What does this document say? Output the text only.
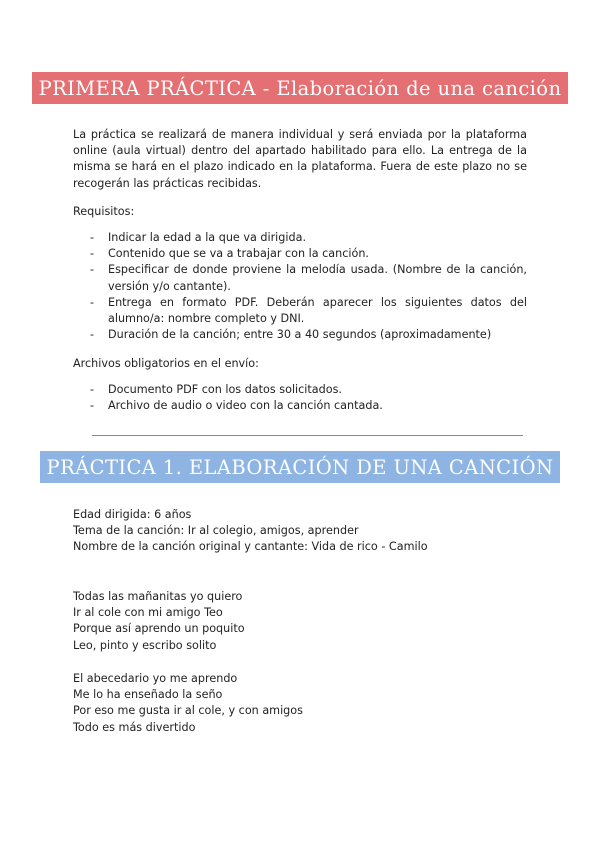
PRIMERA PRÁCTICA - Elaboración de una canción

La práctica se realizará de manera individual y será enviada por la plataforma online (aula virtual) dentro del apartado habilitado para ello. La entrega de la misma se hará en el plazo indicado en la plataforma. Fuera de este plazo no se recogerán las prácticas recibidas.

Requisitos:

- Indicar la edad a la que va dirigida.
- Contenido que se va a trabajar con la canción.
- Especificar de donde proviene la melodía usada. (Nombre de la canción, versión y/o cantante).
- Entrega en formato PDF. Deberán aparecer los siguientes datos del alumno/a: nombre completo y DNI.
- Duración de la canción; entre 30 a 40 segundos (aproximadamente)

Archivos obligatorios en el envío:

- Documento PDF con los datos solicitados.
- Archivo de audio o video con la canción cantada.
PRÁCTICA 1. ELABORACIÓN DE UNA CANCIÓN
Edad dirigida: 6 años
Tema de la canción: Ir al colegio, amigos, aprender
Nombre de la canción original y cantante: Vida de rico - Camilo
Todas las mañanitas yo quiero
Ir al cole con mi amigo Teo
Porque así aprendo un poquito
Leo, pinto y escribo solito
El abecedario yo me aprendo
Me lo ha enseñado la seño
Por eso me gusta ir al cole, y con amigos
Todo es más divertido
